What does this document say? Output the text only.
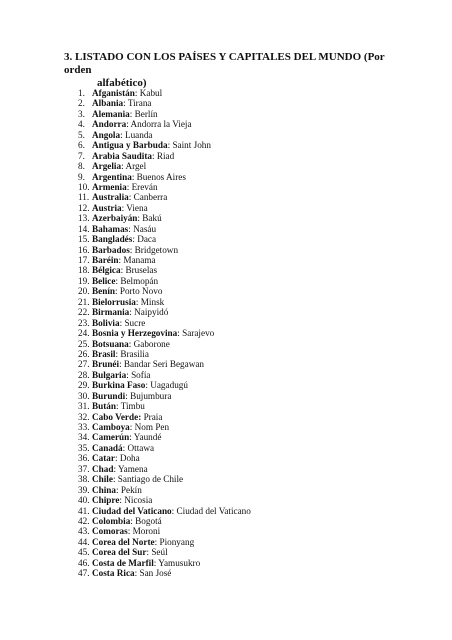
3. LISTADO CON LOS PAÍSES Y CAPITALES DEL MUNDO (Por orden
alfabético)
1. Afganistán: Kabul
2. Albania: Tirana
3. Alemania: Berlín
4. Andorra: Andorra la Vieja
5. Angola: Luanda
6. Antigua y Barbuda: Saint John
7. Arabia Saudita: Riad
8. Argelia: Argel
9. Argentina: Buenos Aires
10. Armenia: Ereván
11. Australia: Canberra
12. Austria: Viena
13. Azerbaiyán: Bakú
14. Bahamas: Nasáu
15. Bangladés: Daca
16. Barbados: Bridgetown
17. Baréin: Manama
18. Bélgica: Bruselas
19. Belice: Belmopán
20. Benín: Porto Novo
21. Bielorrusia: Minsk
22. Birmania: Naipyidó
23. Bolivia: Sucre
24. Bosnia y Herzegovina: Sarajevo
25. Botsuana: Gaborone
26. Brasil: Brasilia
27. Brunéi: Bandar Seri Begawan
28. Bulgaria: Sofía
29. Burkina Faso: Uagadugú
30. Burundi: Bujumbura
31. Bután: Timbu
32. Cabo Verde: Praia
33. Camboya: Nom Pen
34. Camerún: Yaundé
35. Canadá: Ottawa
36. Catar: Doha
37. Chad: Yamena
38. Chile: Santiago de Chile
39. China: Pekín
40. Chipre: Nicosia
41. Ciudad del Vaticano: Ciudad del Vaticano
42. Colombia: Bogotá
43. Comoras: Moroni
44. Corea del Norte: Pionyang
45. Corea del Sur: Seúl
46. Costa de Marfil: Yamusukro
47. Costa Rica: San José
